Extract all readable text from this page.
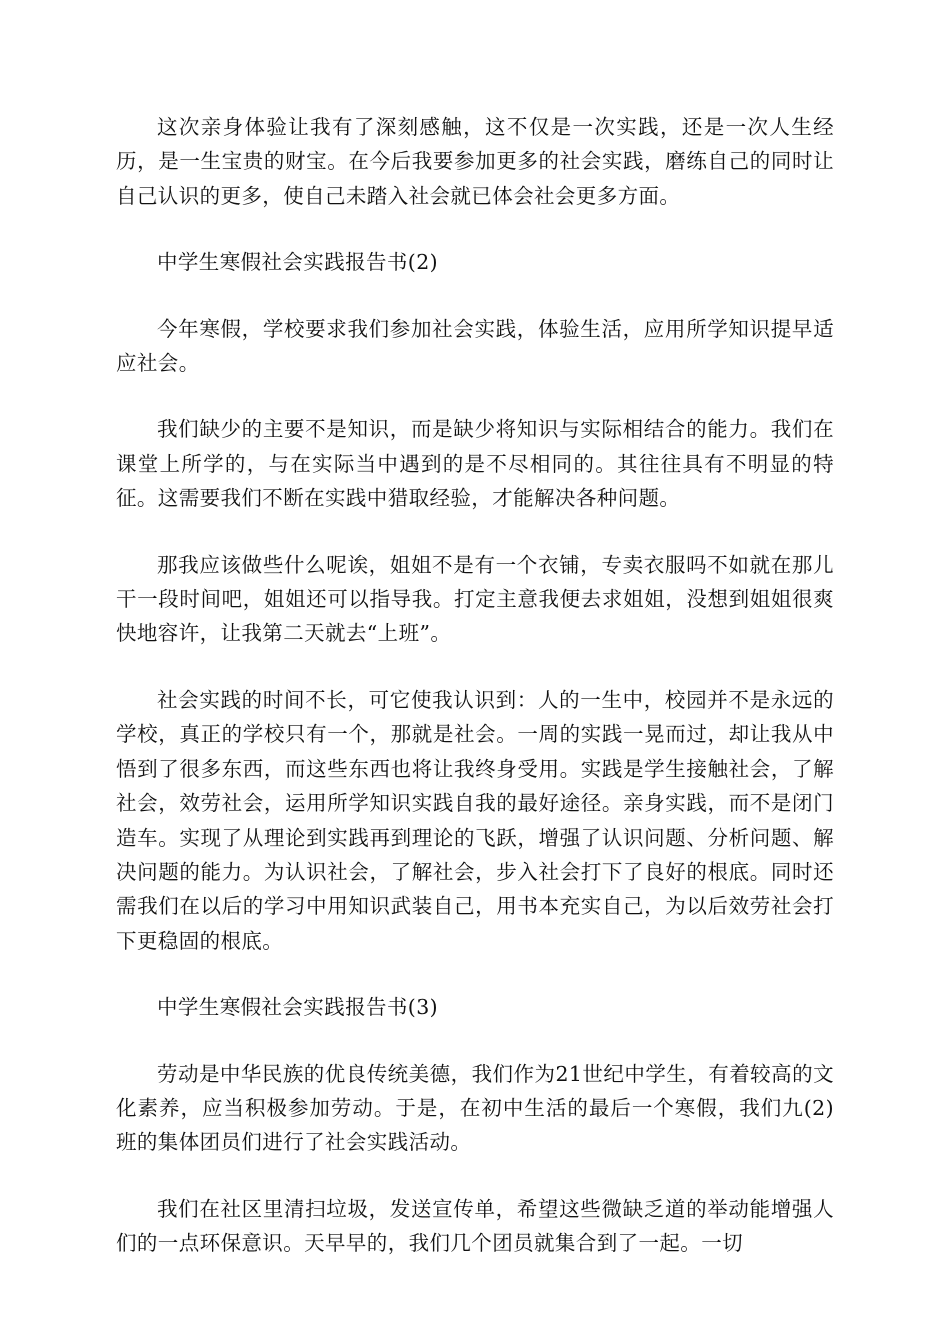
这次亲身体验让我有了深刻感触，这不仅是一次实践，还是一次人生经历，是一生宝贵的财宝。在今后我要参加更多的社会实践，磨练自己的同时让自己认识的更多，使自己未踏入社会就已体会社会更多方面。

中学生寒假社会实践报告书(2)

今年寒假，学校要求我们参加社会实践，体验生活，应用所学知识提早适应社会。

我们缺少的主要不是知识，而是缺少将知识与实际相结合的能力。我们在课堂上所学的，与在实际当中遇到的是不尽相同的。其往往具有不明显的特征。这需要我们不断在实践中猎取经验，才能解决各种问题。

那我应该做些什么呢诶，姐姐不是有一个衣铺，专卖衣服吗不如就在那儿干一段时间吧，姐姐还可以指导我。打定主意我便去求姐姐，没想到姐姐很爽快地容许，让我第二天就去“上班”。

社会实践的时间不长，可它使我认识到：人的一生中，校园并不是永远的学校，真正的学校只有一个，那就是社会。一周的实践一晃而过，却让我从中悟到了很多东西，而这些东西也将让我终身受用。实践是学生接触社会，了解社会，效劳社会，运用所学知识实践自我的最好途径。亲身实践，而不是闭门造车。实现了从理论到实践再到理论的飞跃，增强了认识问题、分析问题、解决问题的能力。为认识社会，了解社会，步入社会打下了良好的根底。同时还需我们在以后的学习中用知识武装自己，用书本充实自己，为以后效劳社会打下更稳固的根底。

中学生寒假社会实践报告书(3)

劳动是中华民族的优良传统美德，我们作为21世纪中学生，有着较高的文化素养，应当积极参加劳动。于是，在初中生活的最后一个寒假，我们九(2)班的集体团员们进行了社会实践活动。

我们在社区里清扫垃圾，发送宣传单，希望这些微缺乏道的举动能增强人们的一点环保意识。天早早的，我们几个团员就集合到了一起。一切
